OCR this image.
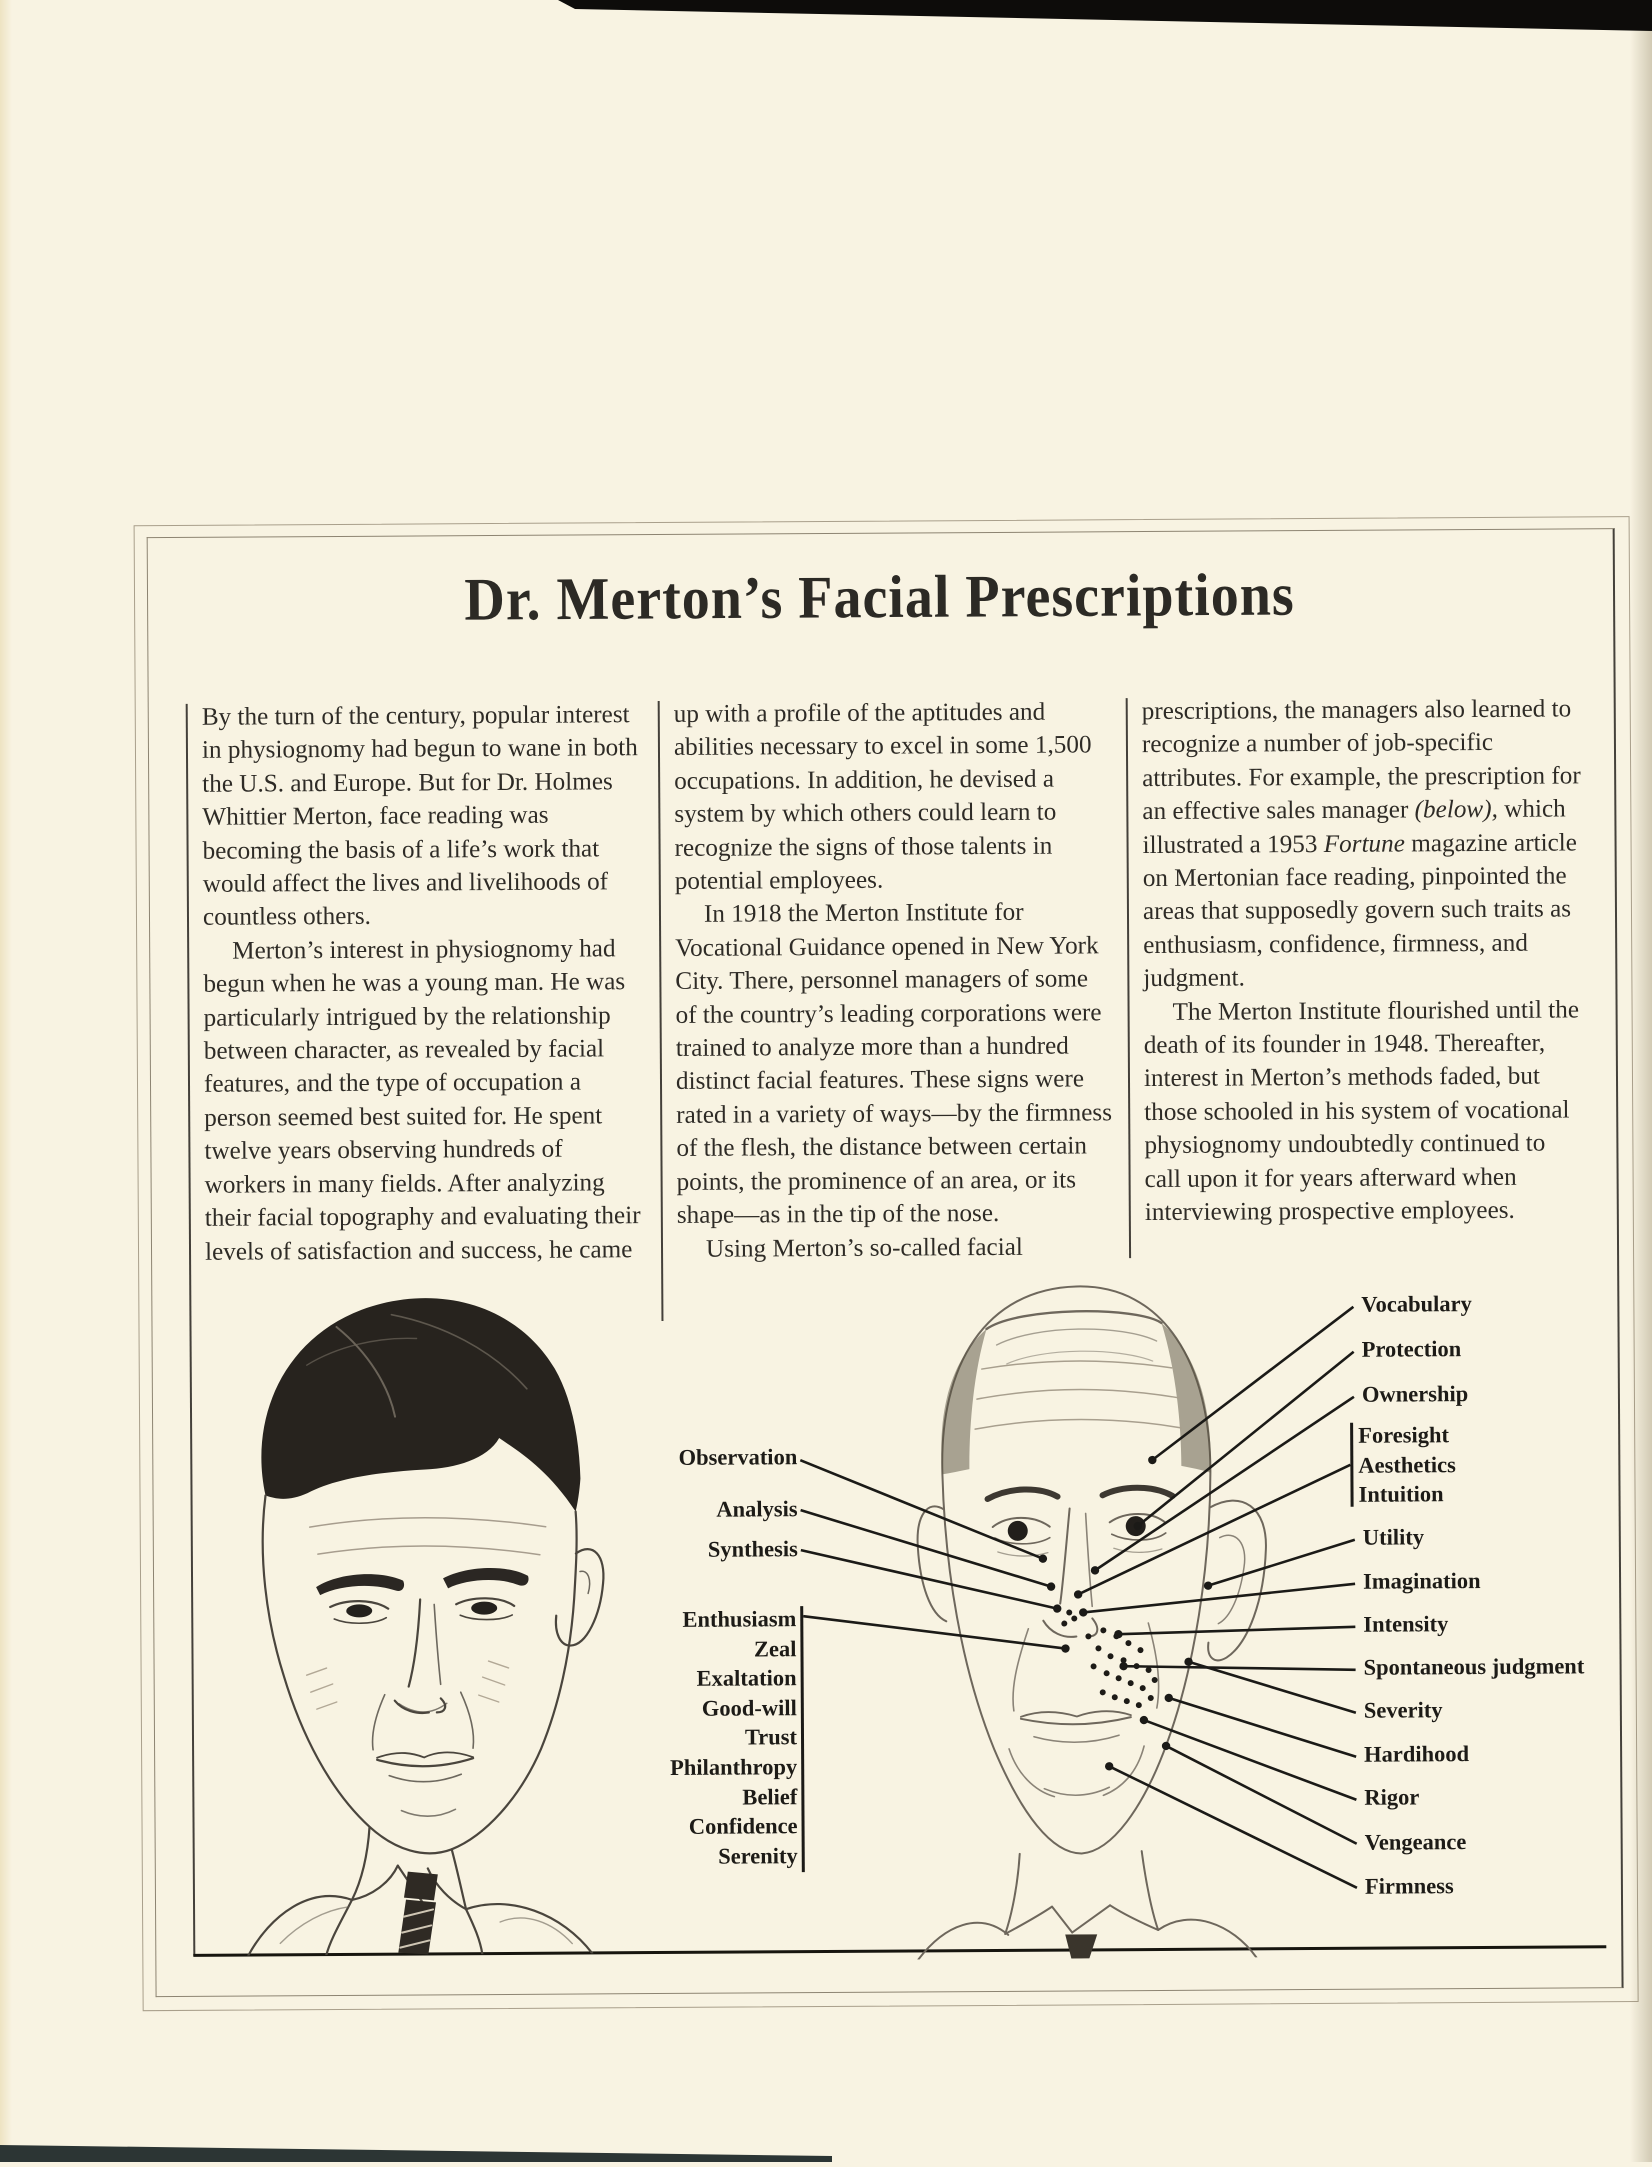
Dr. Merton’s Facial Prescriptions

By the turn of the century, popular interest in physiognomy had begun to wane in both the U.S. and Europe. But for Dr. Holmes Whittier Merton, face reading was becoming the basis of a life’s work that would affect the lives and livelihoods of countless others.

Merton’s interest in physiognomy had begun when he was a young man. He was particularly intrigued by the relationship between character, as revealed by facial features, and the type of occupation a person seemed best suited for. He spent twelve years observing hundreds of workers in many fields. After analyzing their facial topography and evaluating their levels of satisfaction and success, he came

up with a profile of the aptitudes and abilities necessary to excel in some 1,500 occupations. In addition, he devised a system by which others could learn to recognize the signs of those talents in potential employees.

In 1918 the Merton Institute for Vocational Guidance opened in New York City. There, personnel managers of some of the country’s leading corporations were trained to analyze more than a hundred distinct facial features. These signs were rated in a variety of ways—by the firmness of the flesh, the distance between certain points, the prominence of an area, or its shape—as in the tip of the nose.

Using Merton’s so-called facial

prescriptions, the managers also learned to recognize a number of job-specific attributes. For example, the prescription for an effective sales manager (below), which illustrated a 1953 Fortune magazine article on Mertonian face reading, pinpointed the areas that supposedly govern such traits as enthusiasm, confidence, firmness, and judgment.

The Merton Institute flourished until the death of its founder in 1948. Thereafter, interest in Merton’s methods faded, but those schooled in his system of vocational physiognomy undoubtedly continued to call upon it for years afterward when interviewing prospective employees.

Enthusiasm
Zeal
Exaltation
Good-will
Trust
Philanthropy
Belief
Confidence
Serenity
Foresight
Aesthetics
Intuition
Observation
Analysis
Synthesis
Vocabulary
Protection
Ownership
Utility
Imagination
Intensity
Spontaneous judgment
Severity
Hardihood
Rigor
Vengeance
Firmness
